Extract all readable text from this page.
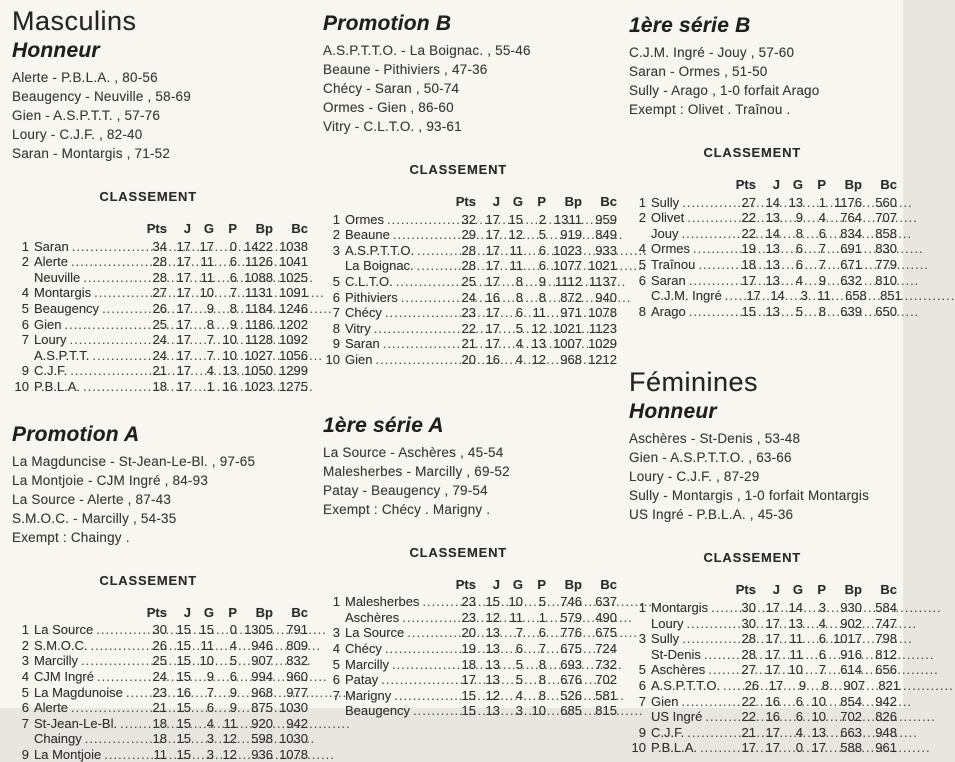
Masculins
Honneur
Alerte - P.B.L.A. , 80-56
Beaugency - Neuville , 58-69
Gien - A.S.P.T.T. , 57-76
Loury - C.J.F. , 82-40
Saran - Montargis , 71-52
CLASSEMENT
Pts	J G	P	Bp	Bc
1 Saran .....	34 17 17	0 1422 1038
2 Alerte .....	28 17 11	6 1126 1041
Neuville .....	28 17 11	6 1088 1025
4 Montargis .....	27 17 10	7 1131 1091
5 Beaugency .....	26 17	9	8 1184 1246
6 Gien .....	25 17	8	9 1186 1202
7 Loury .....	24 17	7 10 1128 1092
A.S.P.T.T. .....	24 17	7 10 1027 1056
9 C.J.F. .....	21 17	4 13 1050 1299
10 P.B.L.A. .....	18 17	1 16 1023 1275
Promotion A
La Magduncise - St-Jean-Le-Bl. , 97-65
La Montjoie - CJM Ingré , 84-93
La Source - Alerte , 87-43
S.M.O.C. - Marcilly , 54-35
Exempt : Chaingy .
CLASSEMENT
Pts	J G	P	Bp	Bc
1 La Source .....	30 15 15	0 1305	791
2 S.M.O.C. .....	26 15 11	4	946	809
3 Marcilly .....	25 15 10	5	907	832
4 CJM Ingré .....	24 15	9	6	994	960
5 La Magdunoise .....	23 16	7	9	968	977
6 Alerte .....	21 15	6	9	875 1030
7 St-Jean-Le-Bl. .....	18 15	4 11	920	942
Chaingy .....	18 15	3 12	598 1030
9 La Montjoie .....	11 15	3 12	936 1078
Promotion B
A.S.P.T.T.O. - La Boignac. , 55-46
Beaune - Pithiviers , 47-36
Chécy - Saran , 50-74
Ormes - Gien , 86-60
Vitry - C.L.T.O. , 93-61
CLASSEMENT
Pts	J G	P	Bp	Bc
1 Ormes .....	32 17 15	2 1311	959
2 Beaune .....	29 17 12	5	919	849
3 A.S.P.T.T.O. .....	28 17 11	6 1023	933
La Boignac. .....	28 17 11	6 1077 1021
5 C.L.T.O. .....	25 17	8	9 1112 1137
6 Pithiviers .....	24 16	8	8	872	940
7 Chécy .....	23 17	6 11	971 1078
8 Vitry .....	22 17	5 12 1021 1123
9 Saran .....	21 17	4 13 1007 1029
10 Gien .....	20 16	4 12	968 1212
1ère série A
La Source - Aschères , 45-54
Malesherbes - Marcilly , 69-52
Patay - Beaugency , 79-54
Exempt : Chécy . Marigny .
CLASSEMENT
Pts	J G	P	Bp	Bc
1 Malesherbes .....	23 15 10	5	746	637
Aschères .....	23 12 11	1	579	490
3 La Source .....	20 13	7	6	776	675
4 Chécy .....	19 13	6	7	675	724
5 Marcilly .....	18 13	5	8	693	732
6 Patay .....	17 13	5	8	676	702
7 Marigny .....	15 12	4	8	526	581
Beaugency .....	15 13	3 10	685	815
1ère série B
C.J.M. Ingré - Jouy , 57-60
Saran - Ormes , 51-50
Sully - Arago , 1-0 forfait Arago
Exempt : Olivet . Traînou .
CLASSEMENT
Pts	J G	P	Bp	Bc
1 Sully .....	27 14 13	1 1176	560
2 Olivet .....	22 13	9	4	764	707
Jouy .....	22 14	8	6	834	858
4 Ormes .....	19 13	6	7	691	830
5 Traînou .....	18 13	6	7	671	779
6 Saran .....	17 13	4	9	632	810
C.J.M. Ingré .....	17 14	3 11	658	851
8 Arago .....	15 13	5	8	639	650
Féminines
Honneur
Aschères - St-Denis , 53-48
Gien - A.S.P.T.T.O. , 63-66
Loury - C.J.F. , 87-29
Sully - Montargis , 1-0 forfait Montargis
US Ingré - P.B.L.A. , 45-36
CLASSEMENT
Pts	J G	P	Bp	Bc
1 Montargis .....	30 17 14	3	930	584
Loury .....	30 17 13	4	902	747
3 Sully .....	28 17 11	6 1017	798
St-Denis .....	28 17 11	6	916	812
5 Aschères .....	27 17 10	7	614	656
6 A.S.P.T.T.O. .....	26 17	9	8	907	821
7 Gien .....	22 16	6 10	854	942
US Ingré .....	22 16	6 10	702	826
9 C.J.F. .....	21 17	4 13	663	948
10 P.B.L.A. .....	17 17	0 17	588	961
